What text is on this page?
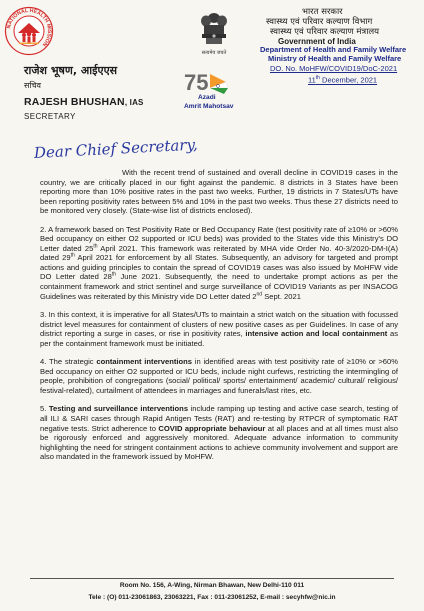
NATIONAL HEALTH MISSION
राजेश भूषण, आईएएस
सचिव
RAJESH BHUSHAN, IAS
SECRETARY
सत्यमेव जयते
75
Azadi
Amrit Mahotsav
भारत सरकार
स्वास्थ्य एवं परिवार कल्याण विभाग
स्वास्थ्य एवं परिवार कल्याण मंत्रालय
Government of India
Department of Health and Family Welfare
Ministry of Health and Family Welfare
DO. No. MoHFW/COVID19/DoC-2021
11th December, 2021
Dear Chief Secretary,

With the recent trend of sustained and overall decline in COVID19 cases in the country, we are critically placed in our fight against the pandemic. 8 districts in 3 States have been reporting more than 10% positive rates in the past two weeks. Further, 19 districts in 7 States/UTs have been reporting positivity rates between 5% and 10% in the past two weeks. Thus these 27 districts need to be monitored very closely. (State-wise list of districts enclosed).

2. A framework based on Test Positivity Rate or Bed Occupancy Rate (test positivity rate of ≥10% or >60% Bed occupancy on either O2 supported or ICU beds) was provided to the States vide this Ministry's DO Letter dated 25th April 2021. This framework was reiterated by MHA vide Order No. 40-3/2020-DM-I(A) dated 29th April 2021 for enforcement by all States. Subsequently, an advisory for targeted and prompt actions and guiding principles to contain the spread of COVID19 cases was also issued by MoHFW vide DO Letter dated 28th June 2021. Subsequently, the need to undertake prompt actions as per the containment framework and strict sentinel and surge surveillance of COVID19 Variants as per INSACOG Guidelines was reiterated by this Ministry vide DO Letter dated 2nd Sept. 2021

3. In this context, it is imperative for all States/UTs to maintain a strict watch on the situation with focussed district level measures for containment of clusters of new positive cases as per Guidelines. In case of any district reporting a surge in cases, or rise in positivity rates, intensive action and local containment as per the containment framework must be initiated.

4. The strategic containment interventions in identified areas with test positivity rate of ≥10% or >60% Bed occupancy on either O2 supported or ICU beds, include night curfews, restricting the intermingling of people, prohibition of congregations (social/ political/ sports/ entertainment/ academic/ cultural/ religious/ festival-related), curtailment of attendees in marriages and funerals/last rites, etc.

5. Testing and surveillance interventions include ramping up testing and active case search, testing of all ILI & SARI cases through Rapid Antigen Tests (RAT) and re-testing by RTPCR of symptomatic RAT negative tests. Strict adherence to COVID appropriate behaviour at all places and at all times must also be rigorously enforced and aggressively monitored. Adequate advance information to community highlighting the need for stringent containment actions to achieve community involvement and support are also mandated in the framework issued by MoHFW.

Room No. 156, A-Wing, Nirman Bhawan, New Delhi-110 011
Tele : (O) 011-23061863, 23063221, Fax : 011-23061252, E-mail : secyhfw@nic.in
